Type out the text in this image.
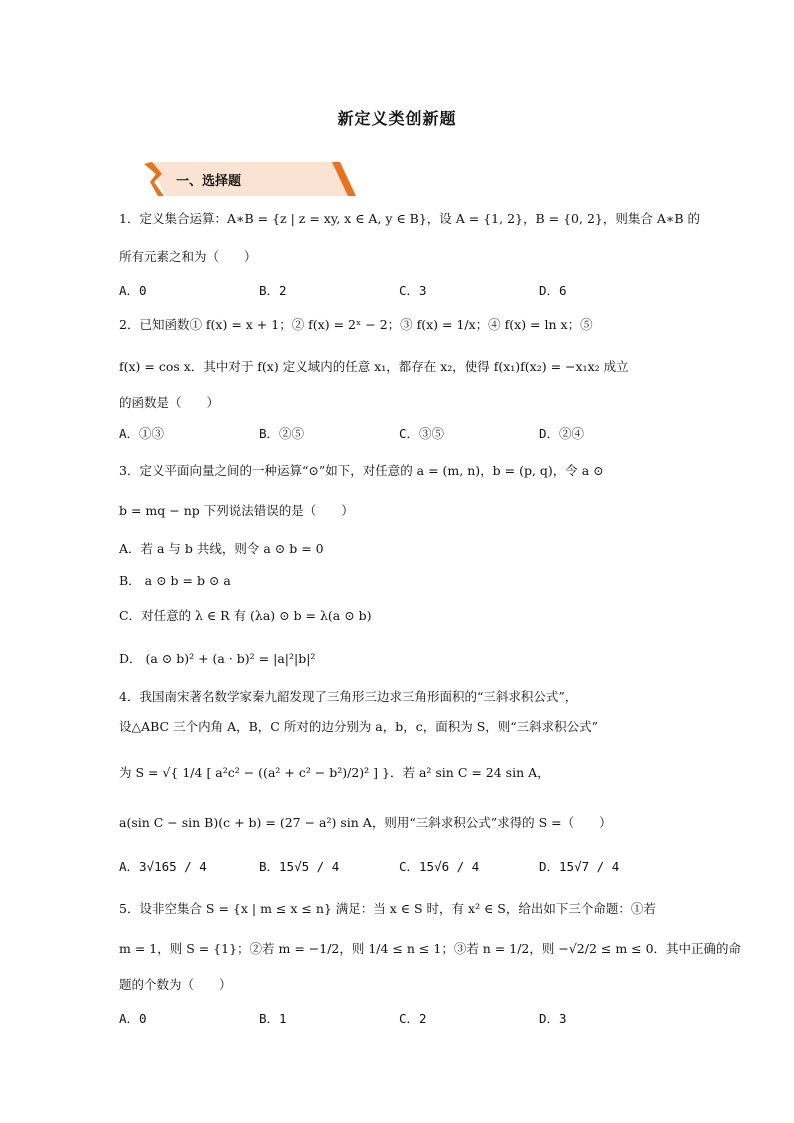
新定义类创新题
一、选择题
1．定义集合运算：A∗B = {z | z = xy, x ∈ A, y ∈ B}，设 A = {1, 2}，B = {0, 2}，则集合 A∗B 的
所有元素之和为（　　）
A．0	B．2	C．3	D．6
2．已知函数① f(x) = x + 1；② f(x) = 2ˣ − 2；③ f(x) = 1/x；④ f(x) = ln x；⑤
f(x) = cos x．其中对于 f(x) 定义域内的任意 x₁，都存在 x₂，使得 f(x₁)f(x₂) = −x₁x₂ 成立
的函数是（　　）
A．①③	B．②⑤	C．③⑤	D．②④
3．定义平面向量之间的一种运算“⊙”如下，对任意的 a = (m, n)，b = (p, q)，令 a ⊙
b = mq − np 下列说法错误的是（　　）
A．若 a 与 b 共线，则令 a ⊙ b = 0
B． a ⊙ b = b ⊙ a
C．对任意的 λ ∈ R 有 (λa) ⊙ b = λ(a ⊙ b)
D． (a ⊙ b)² + (a · b)² = |a|²|b|²
4．我国南宋著名数学家秦九韶发现了三角形三边求三角形面积的“三斜求积公式”，
设△ABC 三个内角 A，B，C 所对的边分别为 a，b，c，面积为 S，则“三斜求积公式”
为 S = √{ 1/4 [ a²c² − ((a² + c² − b²)/2)² ] }．若 a² sin C = 24 sin A，
a(sin C − sin B)(c + b) = (27 − a²) sin A，则用“三斜求积公式”求得的 S =（　　）
A．3√165 / 4	B．15√5 / 4	C．15√6 / 4	D．15√7 / 4
5．设非空集合 S = {x | m ≤ x ≤ n} 满足：当 x ∈ S 时，有 x² ∈ S，给出如下三个命题：①若
m = 1，则 S = {1}；②若 m = −1/2，则 1/4 ≤ n ≤ 1；③若 n = 1/2，则 −√2/2 ≤ m ≤ 0．其中正确的命
题的个数为（　　）
A．0	B．1	C．2	D．3
